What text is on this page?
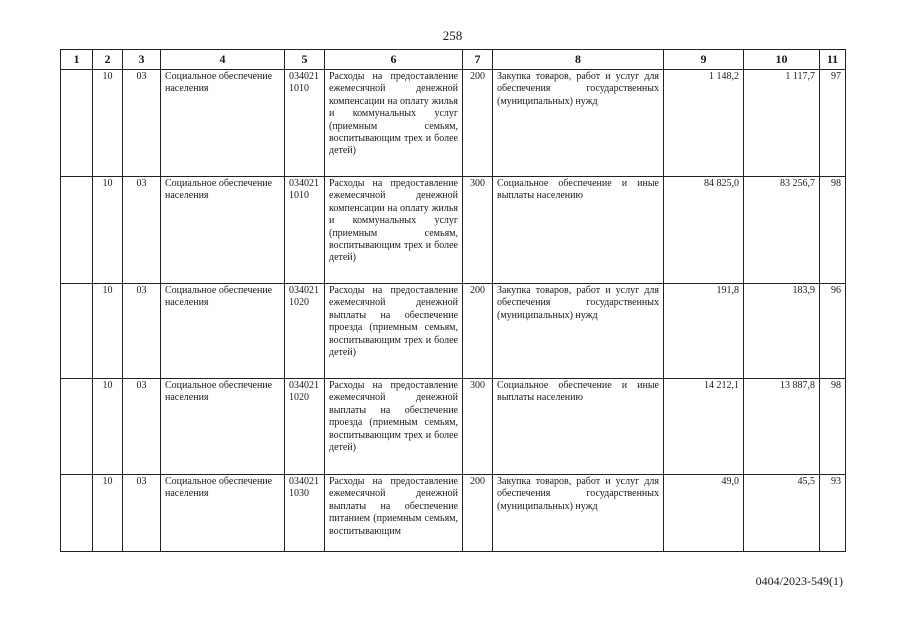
258
1	2	3	4	5	6	7	8	9	10	11
	10	03	Социальное обеспечение населения	034021 1010	Расходы на предоставление ежемесячной денежной компенсации на оплату жилья и коммунальных услуг (приемным семьям, воспитывающим трех и более детей)	200	Закупка товаров, работ и услуг для обеспечения государственных (муниципальных) нужд	1 148,2	1 117,7	97
	10	03	Социальное обеспечение населения	034021 1010	Расходы на предоставление ежемесячной денежной компенсации на оплату жилья и коммунальных услуг (приемным семьям, воспитывающим трех и более детей)	300	Социальное обеспечение и иные выплаты населению	84 825,0	83 256,7	98
	10	03	Социальное обеспечение населения	034021 1020	Расходы на предоставление ежемесячной денежной выплаты на обеспечение проезда (приемным семьям, воспитывающим трех и более детей)	200	Закупка товаров, работ и услуг для обеспечения государственных (муниципальных) нужд	191,8	183,9	96
	10	03	Социальное обеспечение населения	034021 1020	Расходы на предоставление ежемесячной денежной выплаты на обеспечение проезда (приемным семьям, воспитывающим трех и более детей)	300	Социальное обеспечение и иные выплаты населению	14 212,1	13 887,8	98
	10	03	Социальное обеспечение населения	034021 1030	Расходы на предоставление ежемесячной денежной выплаты на обеспечение питанием (приемным семьям, воспитывающим	200	Закупка товаров, работ и услуг для обеспечения государственных (муниципальных) нужд	49,0	45,5	93
0404/2023-549(1)
